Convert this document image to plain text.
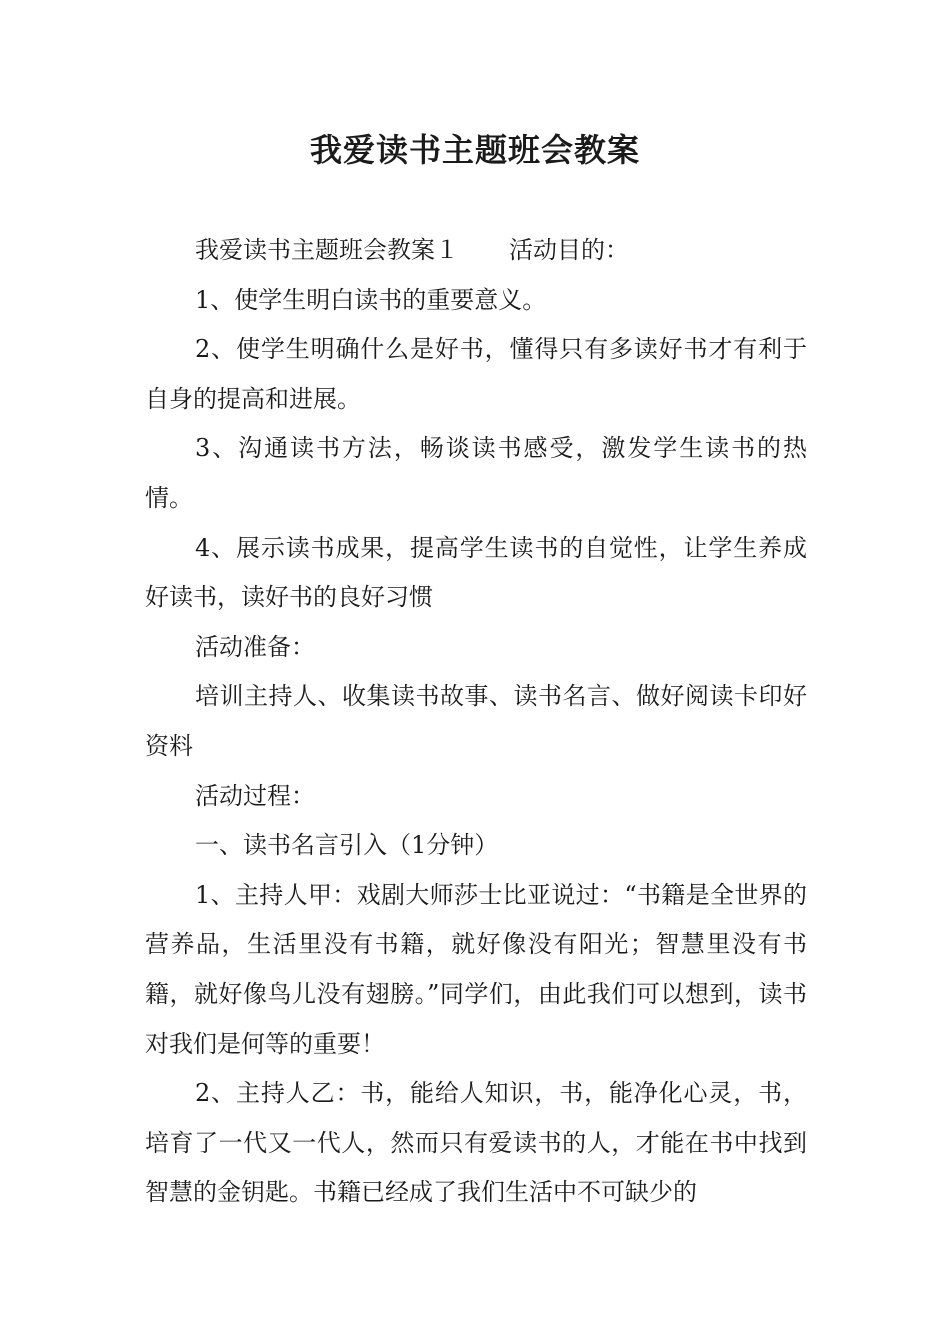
我爱读书主题班会教案

我爱读书主题班会教案１ 活动目的：

1、使学生明白读书的重要意义。

2、使学生明确什么是好书，懂得只有多读好书才有利于自身的提高和进展。

3、沟通读书方法，畅谈读书感受，激发学生读书的热情。

4、展示读书成果，提高学生读书的自觉性，让学生养成好读书，读好书的良好习惯

活动准备：

培训主持人、收集读书故事、读书名言、做好阅读卡印好资料

活动过程：

一、读书名言引入（1分钟）

1、主持人甲：戏剧大师莎士比亚说过：“书籍是全世界的营养品，生活里没有书籍，就好像没有阳光；智慧里没有书籍，就好像鸟儿没有翅膀。”同学们，由此我们可以想到，读书对我们是何等的重要！

2、主持人乙：书，能给人知识，书，能净化心灵，书，培育了一代又一代人，然而只有爱读书的人，才能在书中找到智慧的金钥匙。书籍已经成了我们生活中不可缺少的
